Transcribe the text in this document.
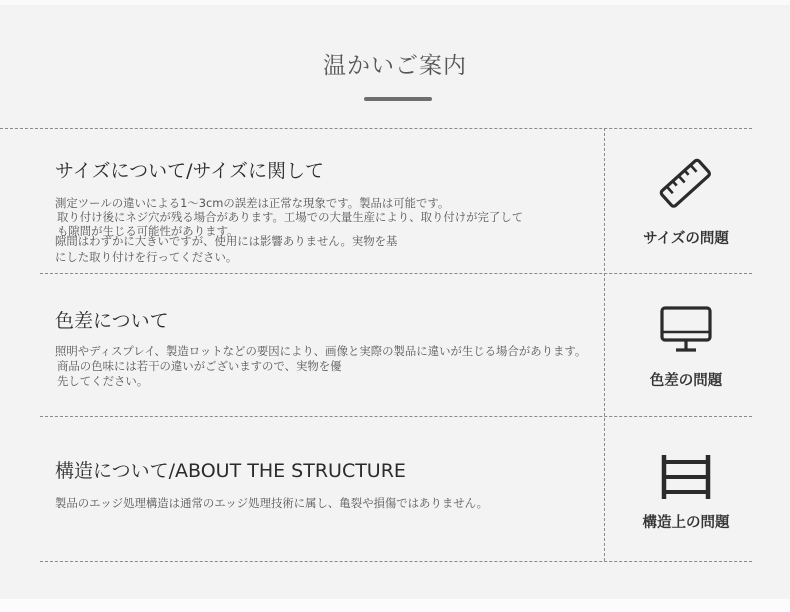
温かいご案内
サイズについて/サイズに関して
測定ツールの違いによる1〜3cmの誤差は正常な現象です。製品は可能です。
取り付け後にネジ穴が残る場合があります。工場での大量生産により、取り付けが完了して
も隙間が生じる可能性があります。
隙間はわずかに大きいですが、使用には影響ありません。実物を基
にした取り付けを行ってください。
サイズの問題
色差について
照明やディスプレイ、製造ロットなどの要因により、画像と実際の製品に違いが生じる場合があります。
商品の色味には若干の違いがございますので、実物を優
先してください。	色差の問題
構造について/ABOUT THE STRUCTURE
製品のエッジ処理構造は通常のエッジ処理技術に属し、亀裂や損傷ではありません。
構造上の問題
